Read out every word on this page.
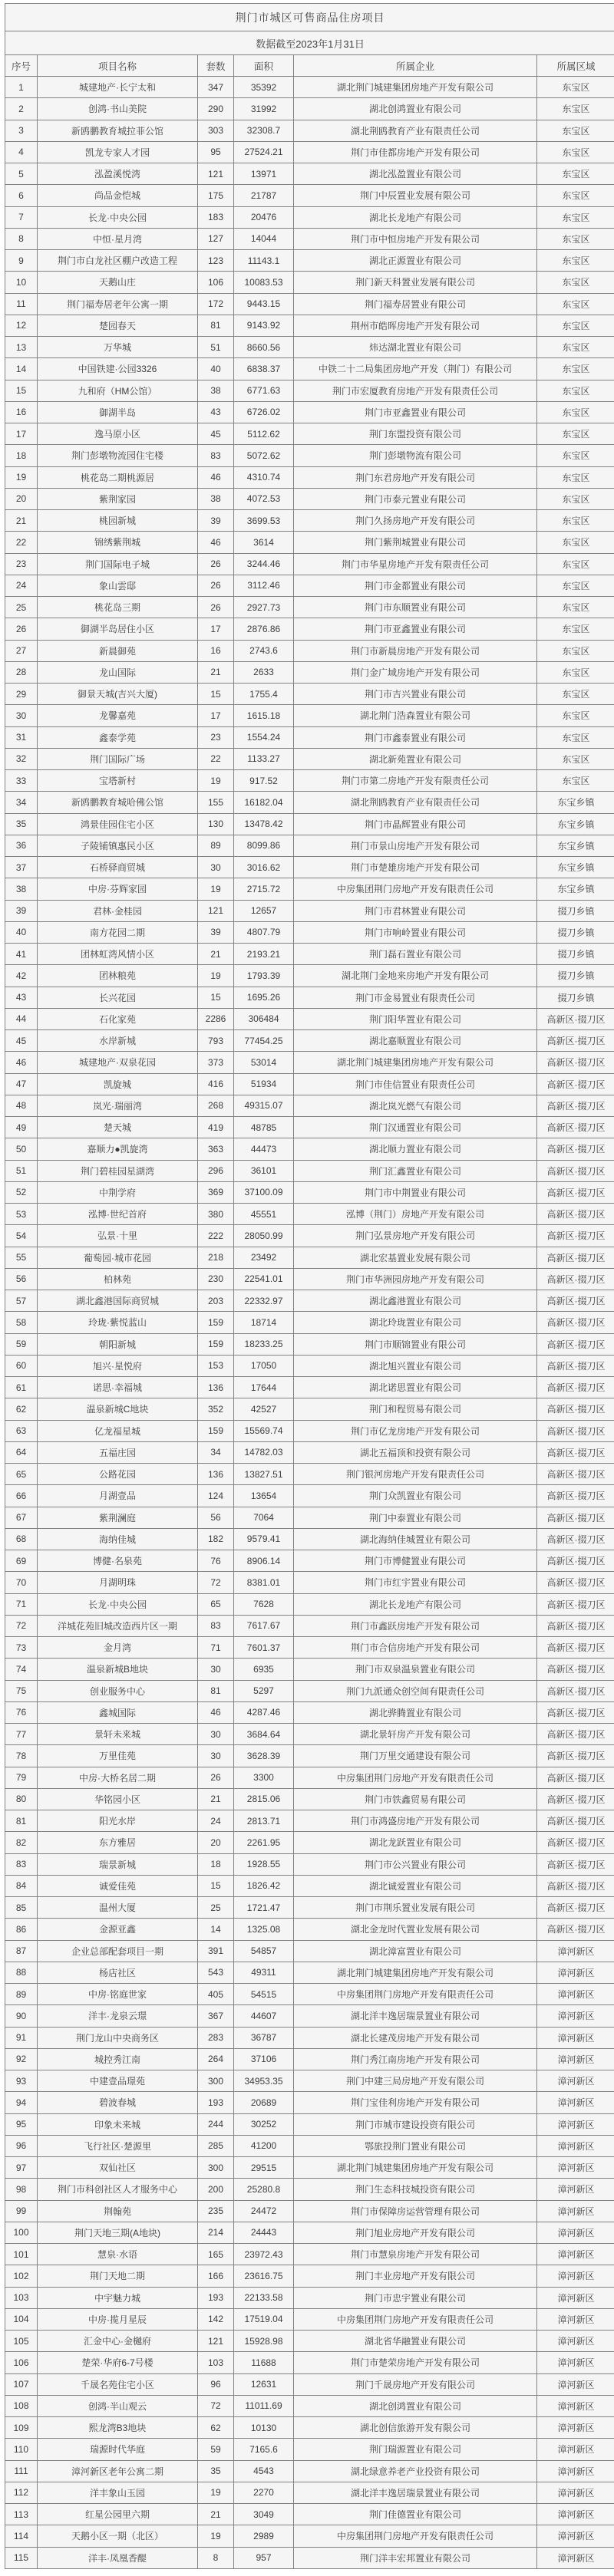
荆门市城区可售商品住房项目					
数据截至2023年1月31日					
序号	项目名称	套数	面积	所属企业	所属区域
1	城建地产·长宁太和	347	35392	湖北荆门城建集团房地产开发有限公司	东宝区
2	创鸿·书山美院	290	31992	湖北创鸿置业有限公司	东宝区
3	新鸥鹏教育城拉菲公馆	303	32308.7	湖北荆鸥教育产业有限责任公司	东宝区
4	凯龙专家人才园	95	27524.21	荆门市佳都房地产开发有限公司	东宝区
5	泓盈溪悦湾	121	13971	湖北泓盈置业有限公司	东宝区
6	尚品金恺城	175	21787	荆门中辰置业发展有限公司	东宝区
7	长龙·中央公园	183	20476	湖北长龙地产有限公司	东宝区
8	中恒·星月湾	127	14044	荆门市中恒房地产开发有限公司	东宝区
9	荆门市白龙社区棚户改造工程	123	11143.1	湖北正源置业有限公司	东宝区
10	天鹅山庄	106	10083.53	荆门新天科置业发展有限公司	东宝区
11	荆门福寿居老年公寓一期	172	9443.15	荆门福寿居置业有限公司	东宝区
12	楚园春天	81	9143.92	荆州市皓晖房地产开发有限公司	东宝区
13	万华城	51	8660.56	炜达湖北置业有限公司	东宝区
14	中国铁建·公园3326	40	6838.37	中铁二十二局集团房地产开发（荆门）有限公司	东宝区
15	九和府（HM公馆）	38	6771.63	荆门市宏厦教育房地产开发有限责任公司	东宝区
16	御湖半岛	43	6726.02	荆门市亚鑫置业有限公司	东宝区
17	逸马原小区	45	5112.62	荆门东盟投资有限公司	东宝区
18	荆门彭墩物流园住宅楼	83	5072.62	荆门彭墩物流有限公司	东宝区
19	桃花岛二期桃源居	46	4310.74	荆门东君房地产开发有限公司	东宝区
20	紫荆家园	38	4072.53	荆门市泰元置业有限公司	东宝区
21	桃园新城	39	3699.53	荆门久扬房地产开发有限公司	东宝区
22	锦绣紫荆城	46	3614	荆门紫荆城置业有限公司	东宝区
23	荆门国际电子城	26	3244.46	荆门市华星房地产开发有限责任公司	东宝区
24	象山雲邸	26	3112.46	荆门市金都置业有限公司	东宝区
25	桃花岛三期	26	2927.73	荆门市东顺置业有限公司	东宝区
26	御湖半岛居住小区	17	2876.86	荆门市亚鑫置业有限公司	东宝区
27	新晨御苑	16	2743.6	荆门市新晨房地产开发有限公司	东宝区
28	龙山国际	21	2633	荆门金广域房地产开发有限公司	东宝区
29	御景天城(吉兴大厦)	15	1755.4	荆门市吉兴置业有限公司	东宝区
30	龙馨嘉苑	17	1615.18	湖北荆门浩森置业有限公司	东宝区
31	鑫泰学苑	23	1554.24	荆门市鑫泰置业有限公司	东宝区
32	荆门国际广场	22	1133.27	湖北新苑置业有限公司	东宝区
33	宝塔新村	19	917.52	荆门市第二房地产开发有限责任公司	东宝区
34	新鸥鹏教育城哈佛公馆	155	16182.04	湖北荆鸥教育产业有限责任公司	东宝乡镇
35	鸿景佳园住宅小区	130	13478.42	荆门市晶辉置业有限公司	东宝乡镇
36	子陵铺镇惠民小区	89	8099.86	荆门市景山房地产开发有限公司	东宝乡镇
37	石桥驿商贸城	30	3016.62	荆门市楚雄房地产开发有限公司	东宝乡镇
38	中房·芬辉家园	19	2715.72	中房集团荆门房地产开发有限责任公司	东宝乡镇
39	君林·金桂园	121	12657	荆门市君林置业有限公司	掇刀乡镇
40	南方花园二期	39	4807.79	荆门市响岭置业有限公司	掇刀乡镇
41	团林虹湾风情小区	21	2193.21	荆门磊石置业有限公司	掇刀乡镇
42	团林粮苑	19	1793.39	湖北荆门金地来房地产开发有限公司	掇刀乡镇
43	长兴花园	15	1695.26	荆门市金易置业有限责任公司	掇刀乡镇
44	石化家苑	2286	306484	荆门阳华置业有限公司	高新区·掇刀区
45	水岸新城	793	77454.25	湖北嘉顺置业有限公司	高新区·掇刀区
46	城建地产·双泉花园	373	53014	湖北荆门城建集团房地产开发有限公司	高新区·掇刀区
47	凯旋城	416	51934	荆门市佳信置业有限责任公司	高新区·掇刀区
48	岚光·瑞丽湾	268	49315.07	湖北岚光燃气有限公司	高新区·掇刀区
49	楚天城	419	48785	荆门汉通置业有限公司	高新区·掇刀区
50	嘉顺力●凯旋湾	363	44473	湖北顺力置业有限公司	高新区·掇刀区
51	荆门碧桂园星湖湾	296	36101	荆门汇鑫置业有限公司	高新区·掇刀区
52	中荆学府	369	37100.09	荆门市中荆置业有限公司	高新区·掇刀区
53	泓博·世纪首府	380	45551	泓博（荆门）房地产开发有限公司	高新区·掇刀区
54	弘景·十里	222	28050.99	荆门弘景房地产开发有限公司	高新区·掇刀区
55	葡萄园·城市花园	218	23492	湖北宏基置业发展有限公司	高新区·掇刀区
56	柏林苑	230	22541.01	荆门市华洲园房地产开发有限公司	高新区·掇刀区
57	湖北鑫港国际商贸城	203	22332.97	湖北鑫港置业有限公司	高新区·掇刀区
58	玲珑·紫悦蓝山	159	18714	湖北玲珑置业有限公司	高新区·掇刀区
59	朝阳新城	159	18233.25	荆门市顺锦置业有限公司	高新区·掇刀区
60	旭兴·星悦府	153	17050	湖北旭兴置业有限公司	高新区·掇刀区
61	诺思·幸福城	136	17644	湖北诺思置业有限公司	高新区·掇刀区
62	温泉新城C地块	352	42527	荆门和程贸易有限公司	高新区·掇刀区
63	亿龙福星城	159	15569.74	荆门市亿龙房地产开发有限公司	高新区·掇刀区
64	五福庄园	34	14782.03	湖北五福顶和投资有限公司	高新区·掇刀区
65	公路花园	136	13827.51	荆门银河房地产开发有限责任公司	高新区·掇刀区
66	月湖壹品	124	13654	荆门众凯置业有限公司	高新区·掇刀区
67	紫荆澜庭	56	7064	荆门中泰置业有限公司	高新区·掇刀区
68	海纳佳城	182	9579.41	湖北海纳佳城置业有限公司	高新区·掇刀区
69	博健·名泉苑	76	8906.14	荆门市博健置业有限公司	高新区·掇刀区
70	月湖明珠	72	8381.01	荆门市红宇置业有限公司	高新区·掇刀区
71	长龙·中央公园	65	7628	湖北长龙地产有限公司	高新区·掇刀区
72	洋城花苑旧城改造西片区一期	83	7617.67	荆门市鑫跃房地产开发有限公司	高新区·掇刀区
73	金月湾	71	7601.37	荆门市合信房地产开发有限公司	高新区·掇刀区
74	温泉新城B地块	30	6935	荆门市双泉温泉置业有限公司	高新区·掇刀区
75	创业服务中心	81	5297	荆门九派通众创空间有限责任公司	高新区·掇刀区
76	鑫城国际	46	4287.46	湖北骅腾置业有限公司	高新区·掇刀区
77	景轩未来城	30	3684.64	湖北景轩房产开发有限公司	高新区·掇刀区
78	万里佳苑	30	3628.39	荆门万里交通建设有限公司	高新区·掇刀区
79	中房·大桥名居二期	26	3300	中房集团荆门房地产开发有限责任公司	高新区·掇刀区
80	华铭园小区	21	2815.06	荆门市铁鑫贸易有限公司	高新区·掇刀区
81	阳光水岸	24	2813.71	荆门市鸿盛房地产开发有限公司	高新区·掇刀区
82	东方雅居	20	2261.95	湖北龙跃置业有限公司	高新区·掇刀区
83	瑞景新城	18	1928.55	荆门市公兴置业有限公司	高新区·掇刀区
84	诚爱佳苑	15	1826.42	湖北诚爱置业有限公司	高新区·掇刀区
85	温州大厦	25	1721.47	荆门市荆乐置业发展有限公司	高新区·掇刀区
86	金源亚鑫	14	1325.08	湖北金龙时代置业发展有限公司	高新区·掇刀区
87	企业总部配套项目一期	391	54857	湖北漳富置业有限公司	漳河新区
88	杨店社区	543	49311	湖北荆门城建集团房地产开发有限公司	漳河新区
89	中房·铭庭世家	405	54515	中房集团荆门房地产开发有限责任公司	漳河新区
90	洋丰·龙泉云璟	367	44607	湖北洋丰逸居瑞景置业有限公司	漳河新区
91	荆门龙山中央商务区	283	36787	湖北长建茂房地产开发有限公司	漳河新区
92	城控秀江南	264	37106	荆门秀江南房地产开发有限公司	漳河新区
93	中建壹品璟苑	300	34953.35	荆门中建三局房地产开发有限公司	漳河新区
94	碧波春城	193	20689	荆门宝佳利房地产开发有限公司	漳河新区
95	印象未来城	244	30252	荆门市城市建设投资有限公司	漳河新区
96	飞行社区·楚源里	285	41200	鄂旅投荆门置业有限公司	漳河新区
97	双仙社区	300	29515	湖北荆门城建集团房地产开发有限公司	漳河新区
98	荆门市科创社区人才服务中心	200	25280.8	荆门生态科技城投资有限公司	漳河新区
99	荆翰苑	235	24472	荆门市保障房运营管理有限公司	漳河新区
100	荆门天地三期(A地块)	214	24443	荆门旭业房地产开发有限公司	漳河新区
101	慧泉·水语	165	23972.43	荆门市慧泉房地产开发有限公司	漳河新区
102	荆门天地二期	166	23616.75	荆门丰业房地产开发有限公司	漳河新区
103	中宇魅力城	193	22133.58	荆门市忠宇置业有限公司	漳河新区
104	中房·揽月星辰	142	17519.04	中房集团荆门房地产开发有限责任公司	漳河新区
105	汇金中心·金樾府	121	15928.98	湖北省华融置业有限公司	漳河新区
106	楚荣·华府6-7号楼	103	11688	荆门市楚荣房地产开发有限公司	漳河新区
107	千晟名苑住宅小区	96	12631	荆门千晟房地产开发有限公司	漳河新区
108	创鸿·半山观云	72	11011.69	湖北创鸿置业有限公司	漳河新区
109	熙龙湾B3地块	62	10130	湖北创信旅游开发有限公司	漳河新区
110	瑞源时代华庭	59	7165.6	荆门瑞源置业有限公司	漳河新区
111	漳河新区老年公寓二期	35	4543	湖北绿意养老产业投资有限公司	漳河新区
112	洋丰象山玉园	19	2270	湖北洋丰逸居瑞景置业有限公司	漳河新区
113	红星公园里六期	21	3049	荆门佳德置业有限公司	漳河新区
114	天鹅小区一期（北区）	19	2989	中房集团荆门房地产开发有限责任公司	漳河新区
115	洋丰·凤凰香醍	8	957	荆门洋丰宏邦置业有限公司	漳河新区
